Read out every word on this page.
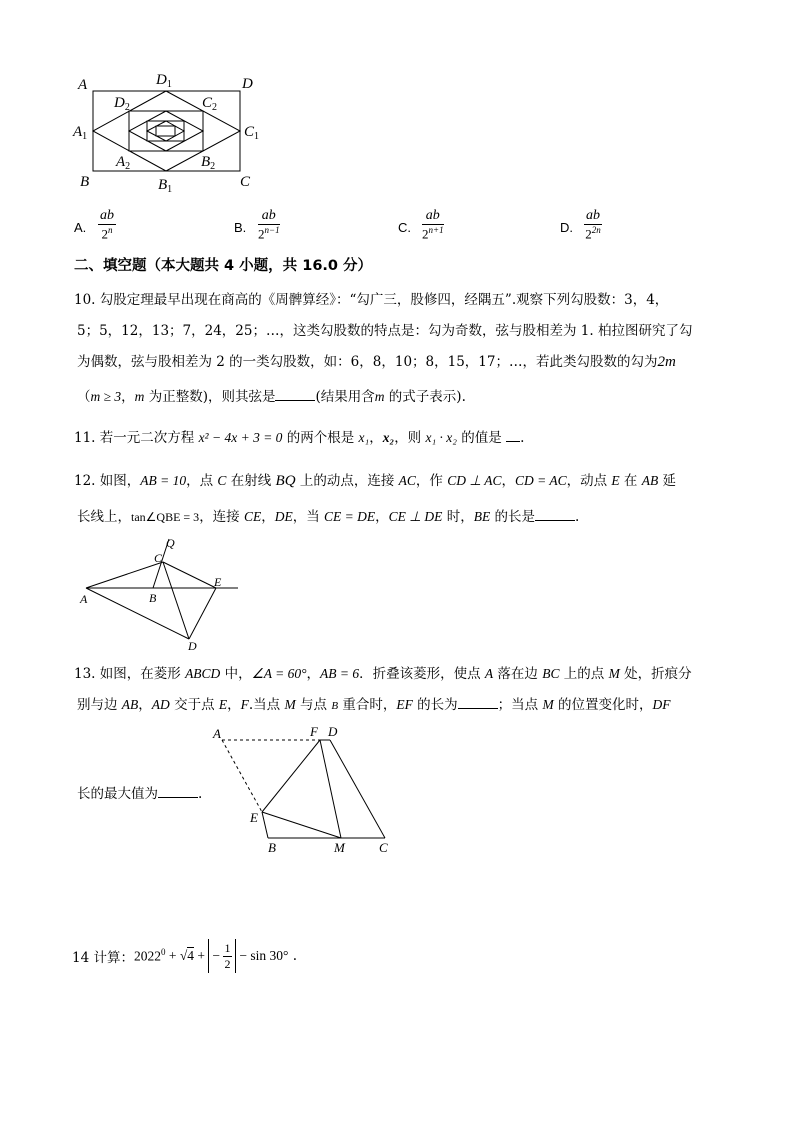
A	$D_1$	D
$D_2$	$C_2$
$A_1$	$C_1$
$A_2$	$B_2$
B	$B_1$	C
A.
ab
2$^n$	B.
ab
$2^{n-1}$	C.
ab
$2^{n+1}$	D.
ab
$2^{2n}$
二、填空题（本大题共 4 小题，共 16.0 分）
10. 勾股定理最早出现在商高的《周髀算经》：“勾广三，股修四，经隅五”.观察下列勾股数：3，4，
5；5，12，13；7，24，25；…，这类勾股数的特点是：勾为奇数，弦与股相差为 1. 柏拉图研究了勾
为偶数，弦与股相差为 2 的一类勾股数，如：6，8，10；8，15，17；…，若此类勾股数的勾为2m
（m ≥ 3，m 为正整数)，则其弦是	(结果用含m 的式子表示).
11. 若一元二次方程 x² − 4x + 3 = 0 的两个根是 x₁，x₂，则 x₁ · x₂ 的值是 .
12. 如图，AB = 10，点 C 在射线 BQ 上的动点，连接 AC，作 CD ⊥ AC，CD = AC，动点 E 在 AB 延
长线上，tan∠QBE = 3，连接 CE，DE，当 CE = DE，CE ⊥ DE 时，BE 的长是	.
Q
C
A	B
E
D
13. 如图，在菱形 ABCD 中，∠A = 60°，AB = 6．折叠该菱形，使点 A 落在边 BC 上的点 M 处，折痕分
别与边 AB，AD 交于点 E，F.当点 M 与点 B 重合时，EF 的长为	；当点 M 的位置变化时，DF
长的最大值为	.
A	F D
E
B	M	C
14 计算： $2022^0 + √4$ + −
1
2
− sin 30° .
